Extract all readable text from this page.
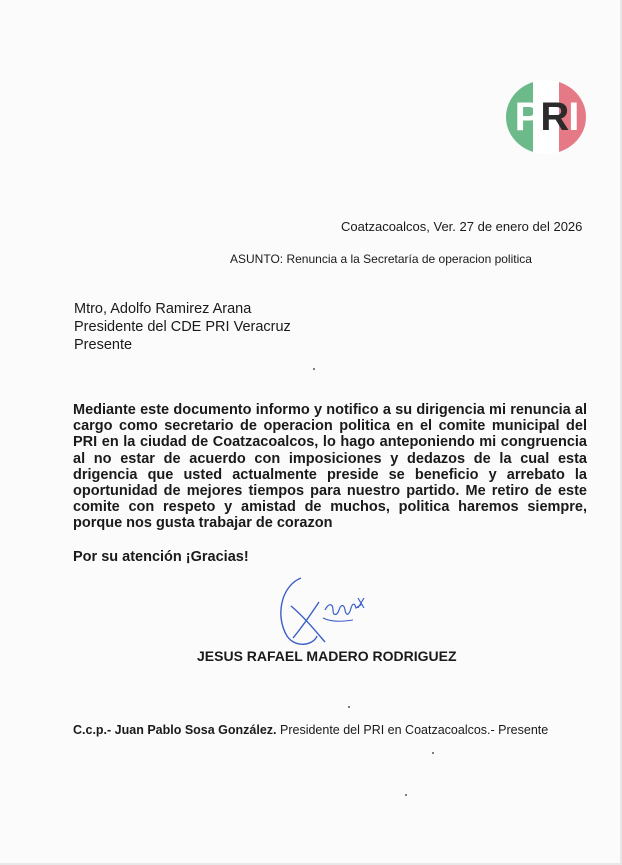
P R I
Coatzacoalcos, Ver. 27 de enero del 2026
ASUNTO: Renuncia a la Secretaría de operacion politica
Mtro, Adolfo Ramirez Arana
Presidente del CDE PRI Veracruz
Presente
Mediante este documento informo y notifico a su dirigencia mi renuncia al cargo como secretario de operacion politica en el comite municipal del PRI en la ciudad de Coatzacoalcos, lo hago anteponiendo mi congruencia al no estar de acuerdo con imposiciones y dedazos de la cual esta drigencia que usted actualmente preside se beneficio y arrebato la oportunidad de mejores tiempos para nuestro partido. Me retiro de este comite con respeto y amistad de muchos, politica haremos siempre, porque nos gusta trabajar de corazon
Por su atención ¡Gracias!
JESUS RAFAEL MADERO RODRIGUEZ
C.c.p.- Juan Pablo Sosa González. Presidente del PRI en Coatzacoalcos.- Presente
